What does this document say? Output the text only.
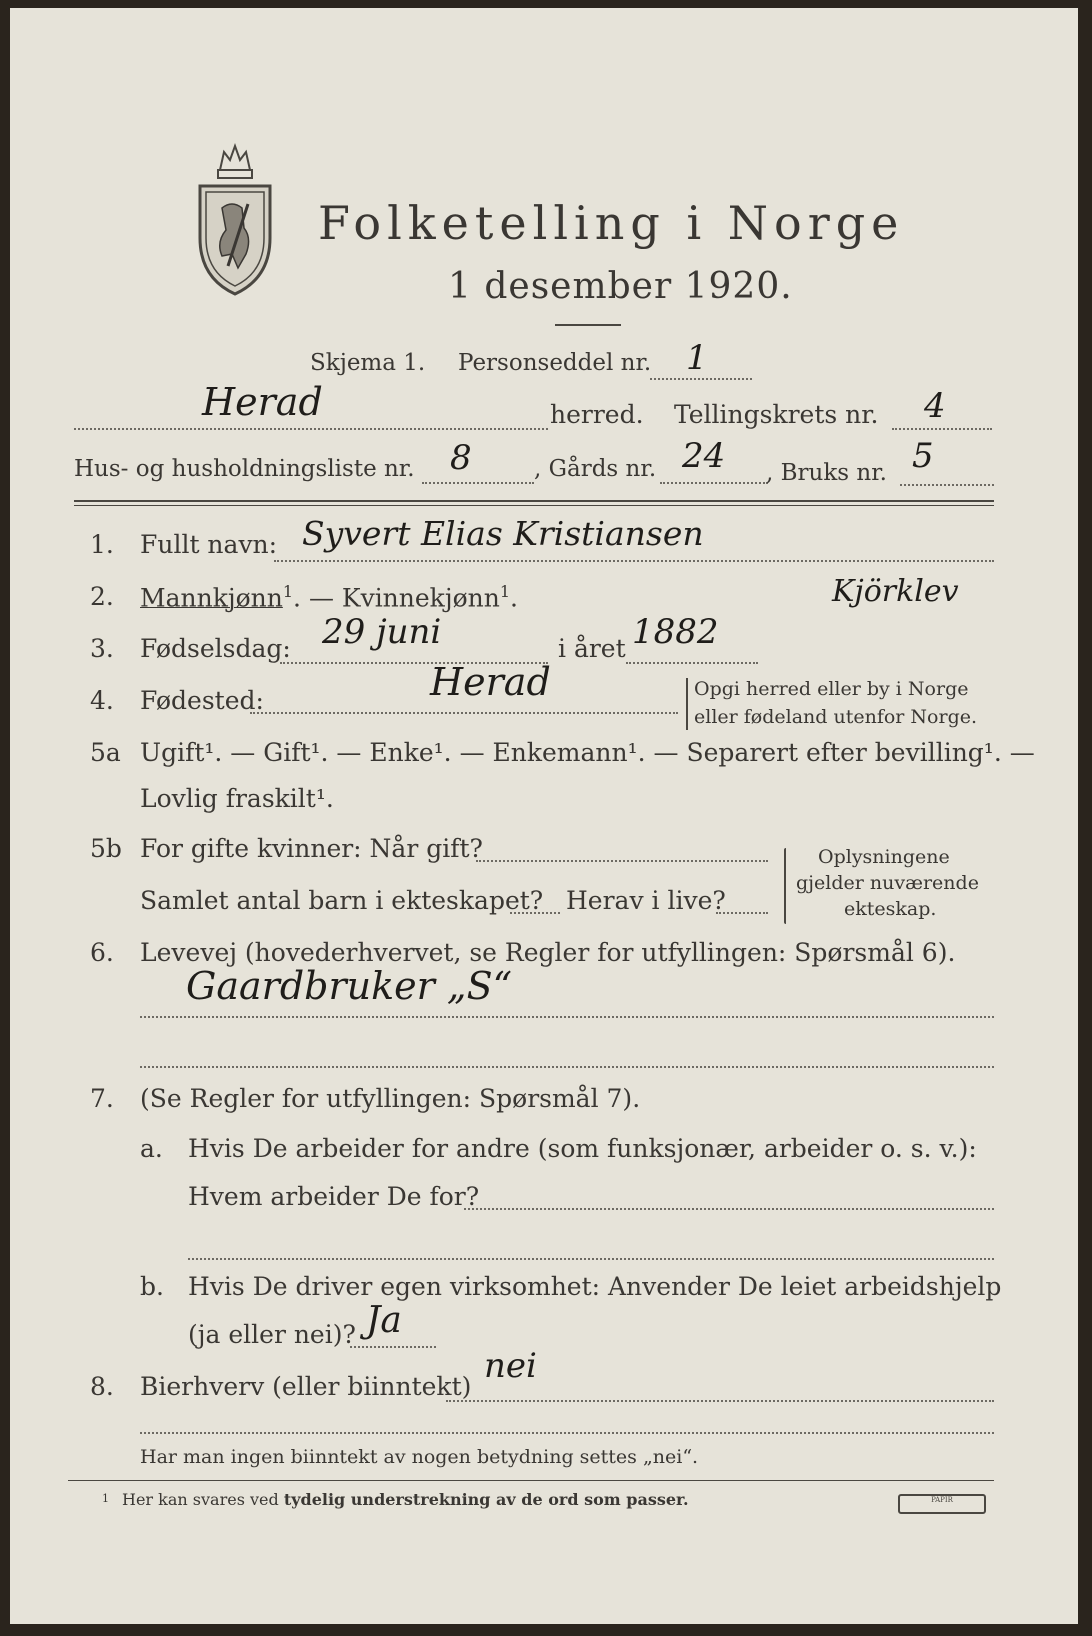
Folketelling i Norge
1 desember 1920.
Skjema 1. Personseddel nr. 1
Herad	herred. Tellingskrets nr. 4
Hus- og husholdningsliste nr. 8	, Gårds nr. 24 , Bruks nr. 5
1. Fullt navn: Syvert Elias Kristiansen
Kjörklev
2. Mannkjønn$^1$. — Kvinnekjønn$^1$.
3. Fødselsdag: 29 juni	i året 1882
4. Fødested:	Herad	Opgi herred eller by i Norge
eller fødeland utenfor Norge.
5a Ugift¹. — Gift¹. — Enke¹. — Enkemann¹. — Separert efter bevilling¹. —
Lovlig fraskilt¹.
5b For gifte kvinner: Når gift?
Samlet antal barn i ekteskapet? Herav i live?
Oplysningene
gjelder nuværende
ekteskap.
6. Levevej (hovederhvervet, se Regler for utfyllingen: Spørsmål 6).
Gaardbruker „S“
7. (Se Regler for utfyllingen: Spørsmål 7).
a. Hvis De arbeider for andre (som funksjonær, arbeider o. s. v.):
Hvem arbeider De for?
b. Hvis De driver egen virksomhet: Anvender De leiet arbeidshjelp
(ja eller nei)? Ja
8. Bierhverv (eller biinntekt)
nei
Har man ingen biinntekt av nogen betydning settes „nei“.
1 Her kan svares ved tydelig understrekning av de ord som passer.	PAPIR
